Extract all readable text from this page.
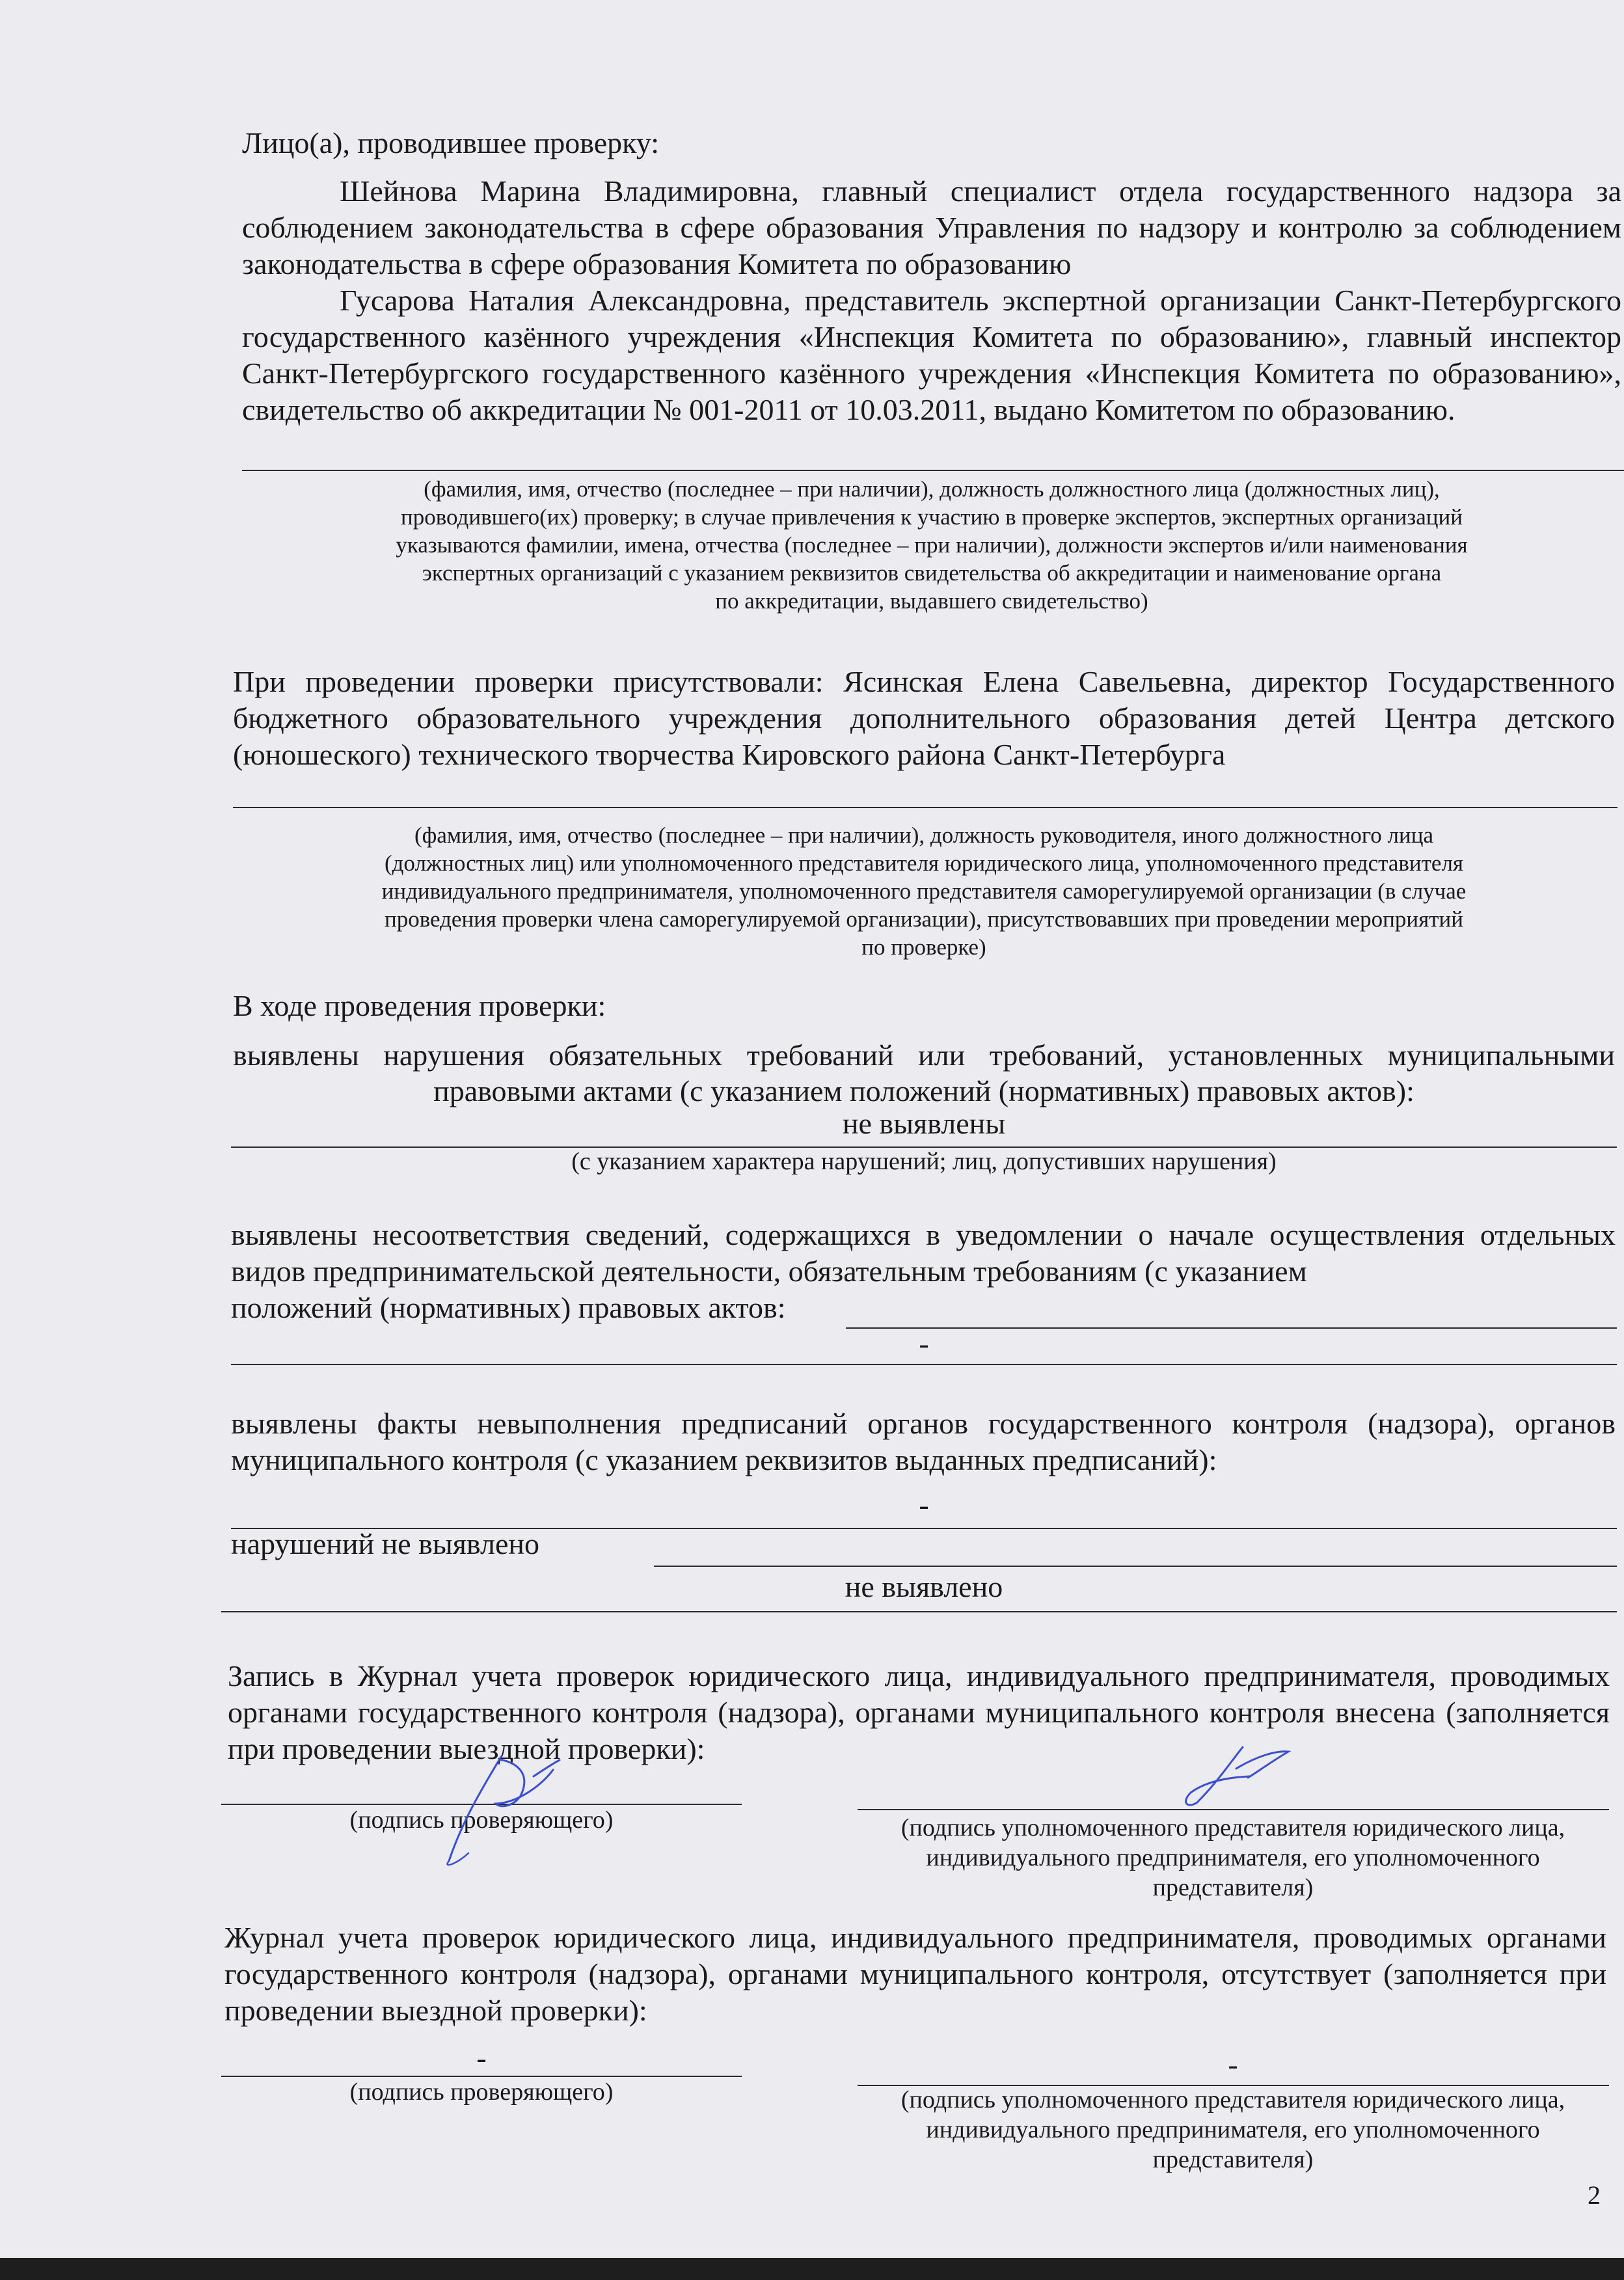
Лицо(а), проводившее проверку:
Шейнова Марина Владимировна, главный специалист отдела государственного надзора за соблюдением законодательства в сфере образования Управления по надзору и контролю за соблюдением законодательства в сфере образования Комитета по образованию
Гусарова Наталия Александровна, представитель экспертной организации Санкт-Петербургского государственного казённого учреждения «Инспекция Комитета по образованию», главный инспектор Санкт-Петербургского государственного казённого учреждения «Инспекция Комитета по образованию», свидетельство об аккредитации № 001-2011 от 10.03.2011, выдано Комитетом по образованию.
(фамилия, имя, отчество (последнее – при наличии), должность должностного лица (должностных лиц),
проводившего(их) проверку; в случае привлечения к участию в проверке экспертов, экспертных организаций
указываются фамилии, имена, отчества (последнее – при наличии), должности экспертов и/или наименования
экспертных организаций с указанием реквизитов свидетельства об аккредитации и наименование органа
по аккредитации, выдавшего свидетельство)
При проведении проверки присутствовали: Ясинская Елена Савельевна, директор Государственного бюджетного образовательного учреждения дополнительного образования детей Центра детского (юношеского) технического творчества Кировского района Санкт-Петербурга
(фамилия, имя, отчество (последнее – при наличии), должность руководителя, иного должностного лица
(должностных лиц) или уполномоченного представителя юридического лица, уполномоченного представителя
индивидуального предпринимателя, уполномоченного представителя саморегулируемой организации (в случае
проведения проверки члена саморегулируемой организации), присутствовавших при проведении мероприятий
по проверке)
В ходе проведения проверки:
выявлены нарушения обязательных требований или требований, установленных муниципальными
правовыми актами (с указанием положений (нормативных) правовых актов):
не выявлены
(с указанием характера нарушений; лиц, допустивших нарушения)
выявлены несоответствия сведений, содержащихся в уведомлении о начале осуществления отдельных видов предпринимательской деятельности, обязательным требованиям (с указанием
положений (нормативных) правовых актов:
-
выявлены факты невыполнения предписаний органов государственного контроля (надзора), органов муниципального контроля (с указанием реквизитов выданных предписаний):
-
нарушений не выявлено
не выявлено
Запись в Журнал учета проверок юридического лица, индивидуального предпринимателя, проводимых органами государственного контроля (надзора), органами муниципального контроля внесена (заполняется при проведении выездной проверки):
(подпись проверяющего)	(подпись уполномоченного представителя юридического лица,
индивидуального предпринимателя, его уполномоченного
представителя)
Журнал учета проверок юридического лица, индивидуального предпринимателя, проводимых органами государственного контроля (надзора), органами муниципального контроля, отсутствует (заполняется при проведении выездной проверки):
-
(подпись проверяющего)
-
(подпись уполномоченного представителя юридического лица,
индивидуального предпринимателя, его уполномоченного
представителя)
2
